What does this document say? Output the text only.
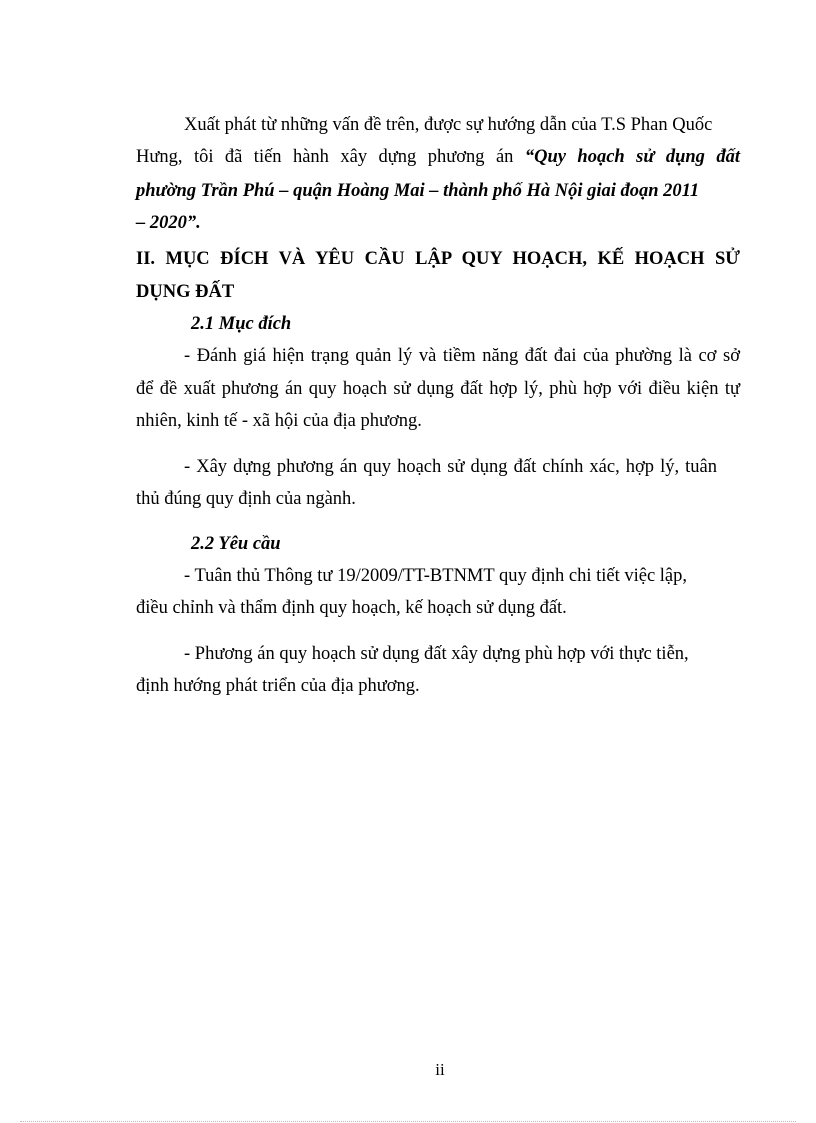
Xuất phát từ những vấn đề trên, được sự hướng dẫn của T.S Phan Quốc
Hưng, tôi đã tiến hành xây dựng phương án “Quy hoạch sử dụng đất
phường Trần Phú – quận Hoàng Mai – thành phố Hà Nội giai đoạn 2011
– 2020”.
II. MỤC ĐÍCH VÀ YÊU CẦU LẬP QUY HOẠCH, KẾ HOẠCH SỬ
DỤNG ĐẤT
2.1 Mục đích
- Đánh giá hiện trạng quản lý và tiềm năng đất đai của phường là cơ sở
để đề xuất phương án quy hoạch sử dụng đất hợp lý, phù hợp với điều kiện tự
nhiên, kinh tế - xã hội của địa phương.
- Xây dựng phương án quy hoạch sử dụng đất chính xác, hợp lý, tuân
thủ đúng quy định của ngành.
2.2 Yêu cầu
- Tuân thủ Thông tư 19/2009/TT-BTNMT quy định chi tiết việc lập,
điều chỉnh và thẩm định quy hoạch, kế hoạch sử dụng đất.
- Phương án quy hoạch sử dụng đất xây dựng phù hợp với thực tiễn,
định hướng phát triển của địa phương.
ii
